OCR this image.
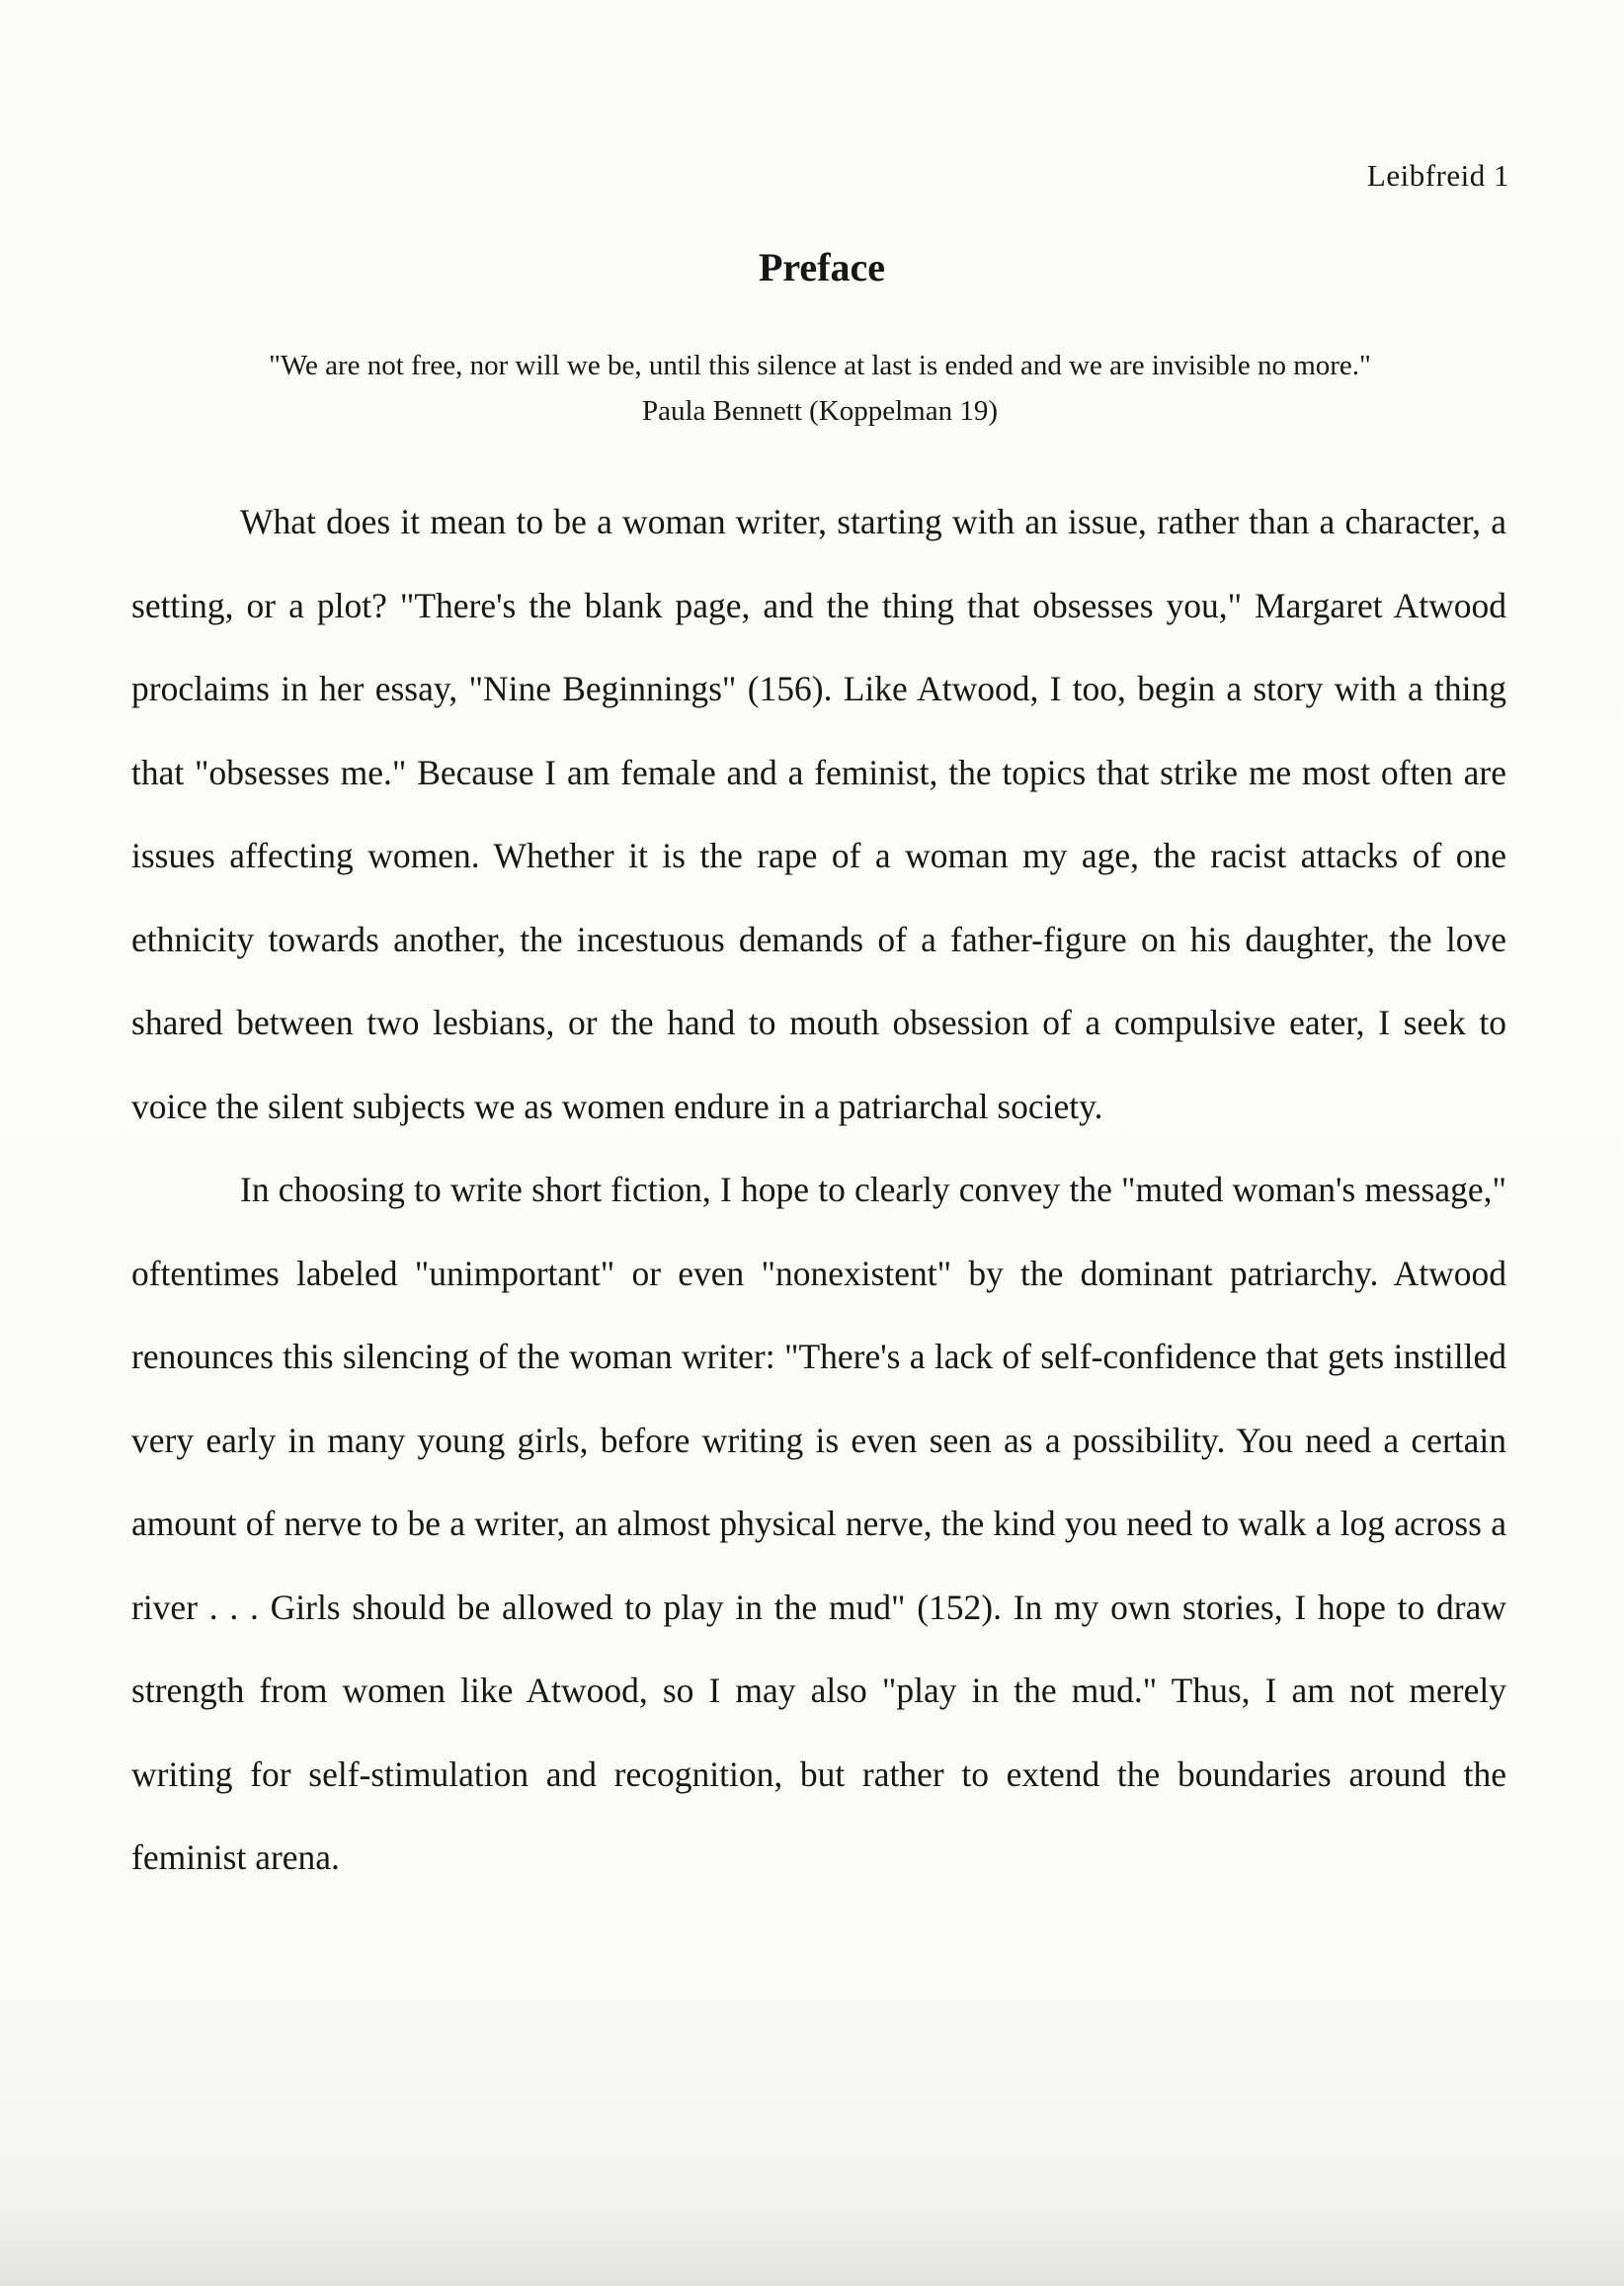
Leibfreid 1
Preface
"We are not free, nor will we be, until this silence at last is ended and we are invisible no more."
Paula Bennett (Koppelman 19)

What does it mean to be a woman writer, starting with an issue, rather than a character, a setting, or a plot? "There's the blank page, and the thing that obsesses you," Margaret Atwood proclaims in her essay, "Nine Beginnings" (156). Like Atwood, I too, begin a story with a thing that "obsesses me." Because I am female and a feminist, the topics that strike me most often are issues affecting women. Whether it is the rape of a woman my age, the racist attacks of one ethnicity towards another, the incestuous demands of a father-figure on his daughter, the love shared between two lesbians, or the hand to mouth obsession of a compulsive eater, I seek to voice the silent subjects we as women endure in a patriarchal society.

In choosing to write short fiction, I hope to clearly convey the "muted woman's message," oftentimes labeled "unimportant" or even "nonexistent" by the dominant patriarchy. Atwood renounces this silencing of the woman writer: "There's a lack of self-confidence that gets instilled very early in many young girls, before writing is even seen as a possibility. You need a certain amount of nerve to be a writer, an almost physical nerve, the kind you need to walk a log across a river . . . Girls should be allowed to play in the mud" (152). In my own stories, I hope to draw strength from women like Atwood, so I may also "play in the mud." Thus, I am not merely writing for self-stimulation and recognition, but rather to extend the boundaries around the feminist arena.
